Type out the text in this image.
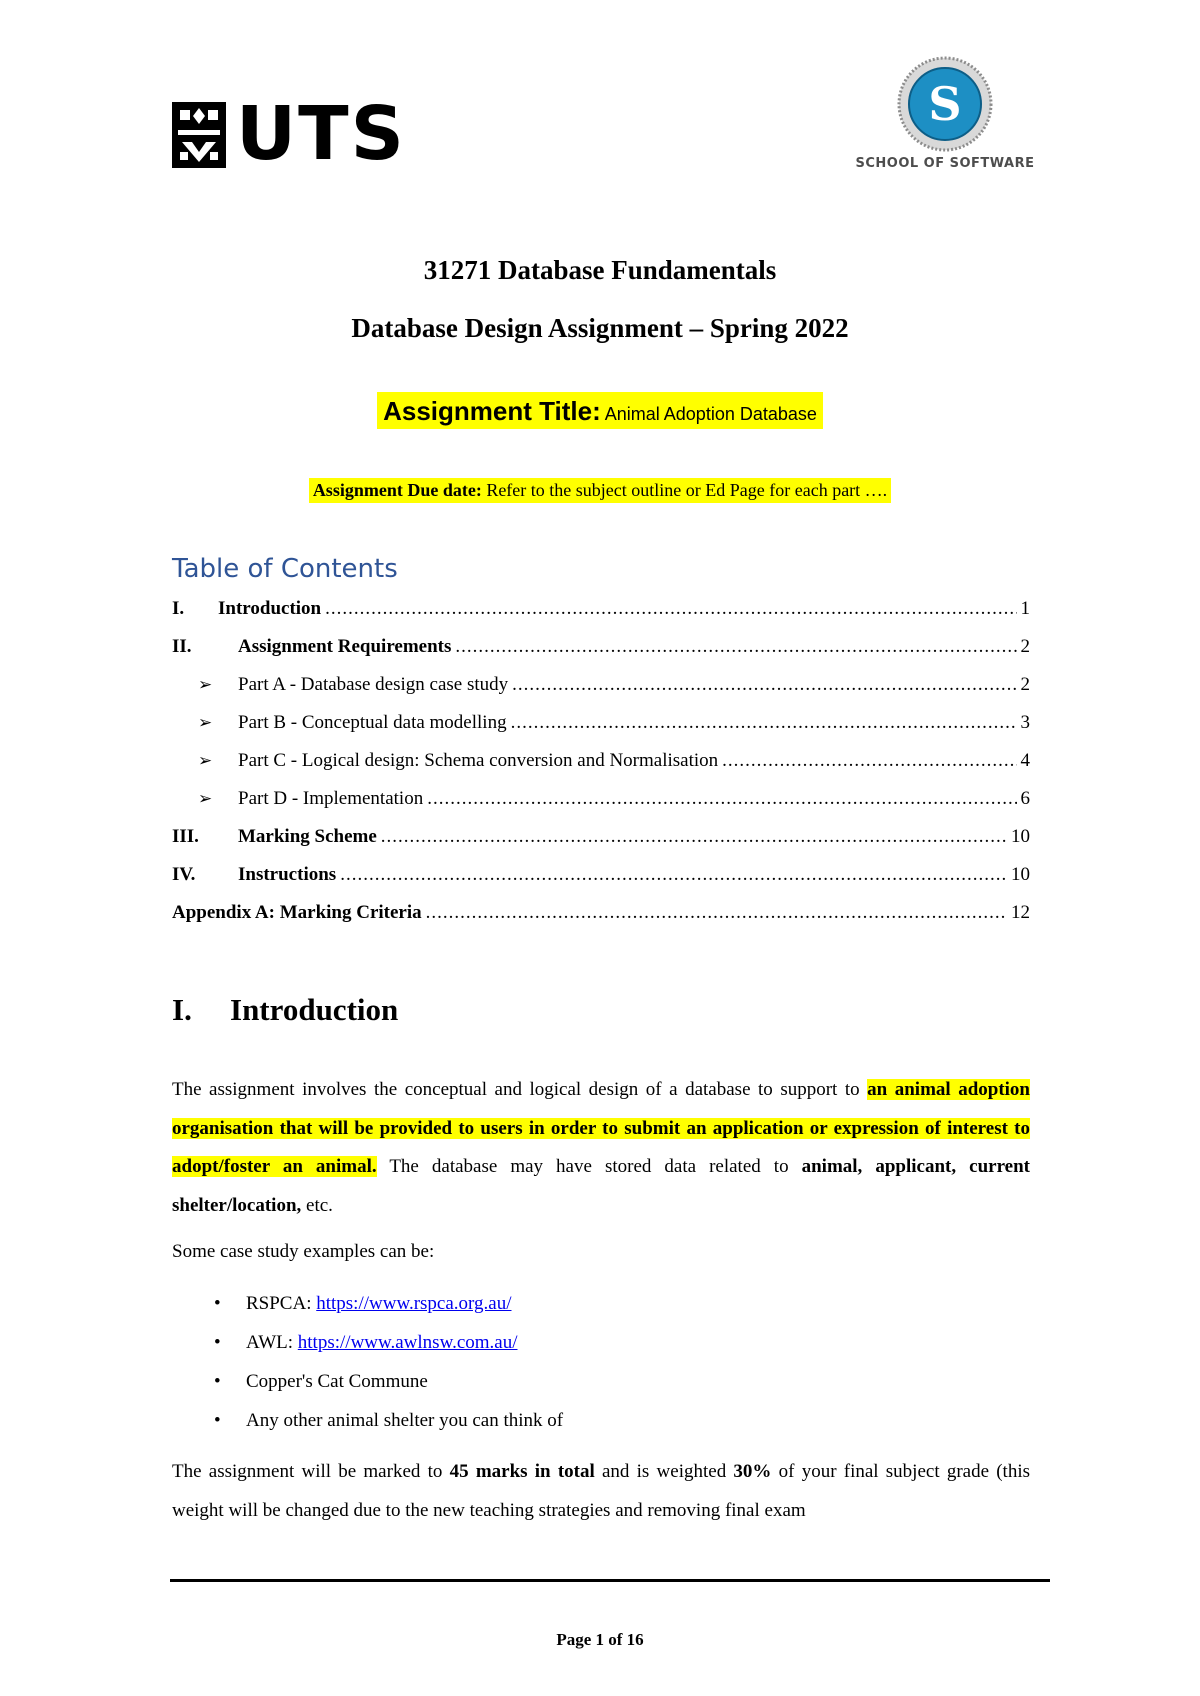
UTS	S
SCHOOL OF SOFTWARE
31271 Database Fundamentals
Database Design Assignment – Spring 2022
Assignment Title: Animal Adoption Database
Assignment Due date: Refer to the subject outline or Ed Page for each part ….
Table of Contents
I.	Introduction .....	1
II.	Assignment Requirements .....	2
➢	Part A - Database design case study .....	2
➢	Part B - Conceptual data modelling .....	3
➢	Part C - Logical design: Schema conversion and Normalisation .....	4
➢	Part D - Implementation .....	6
III.	Marking Scheme .....	10
IV.	Instructions .....	10
Appendix A: Marking Criteria .....	12
I. Introduction
The assignment involves the conceptual and logical design of a database to support to an animal adoption organisation that will be provided to users in order to submit an application or expression of interest to adopt/foster an animal. The database may have stored data related to animal, applicant, current shelter/location, etc.
Some case study examples can be:
• RSPCA: https://www.rspca.org.au/
• AWL: https://www.awlnsw.com.au/
• Copper's Cat Commune
• Any other animal shelter you can think of
The assignment will be marked to 45 marks in total and is weighted 30% of your final subject grade (this weight will be changed due to the new teaching strategies and removing final exam
Page 1 of 16
